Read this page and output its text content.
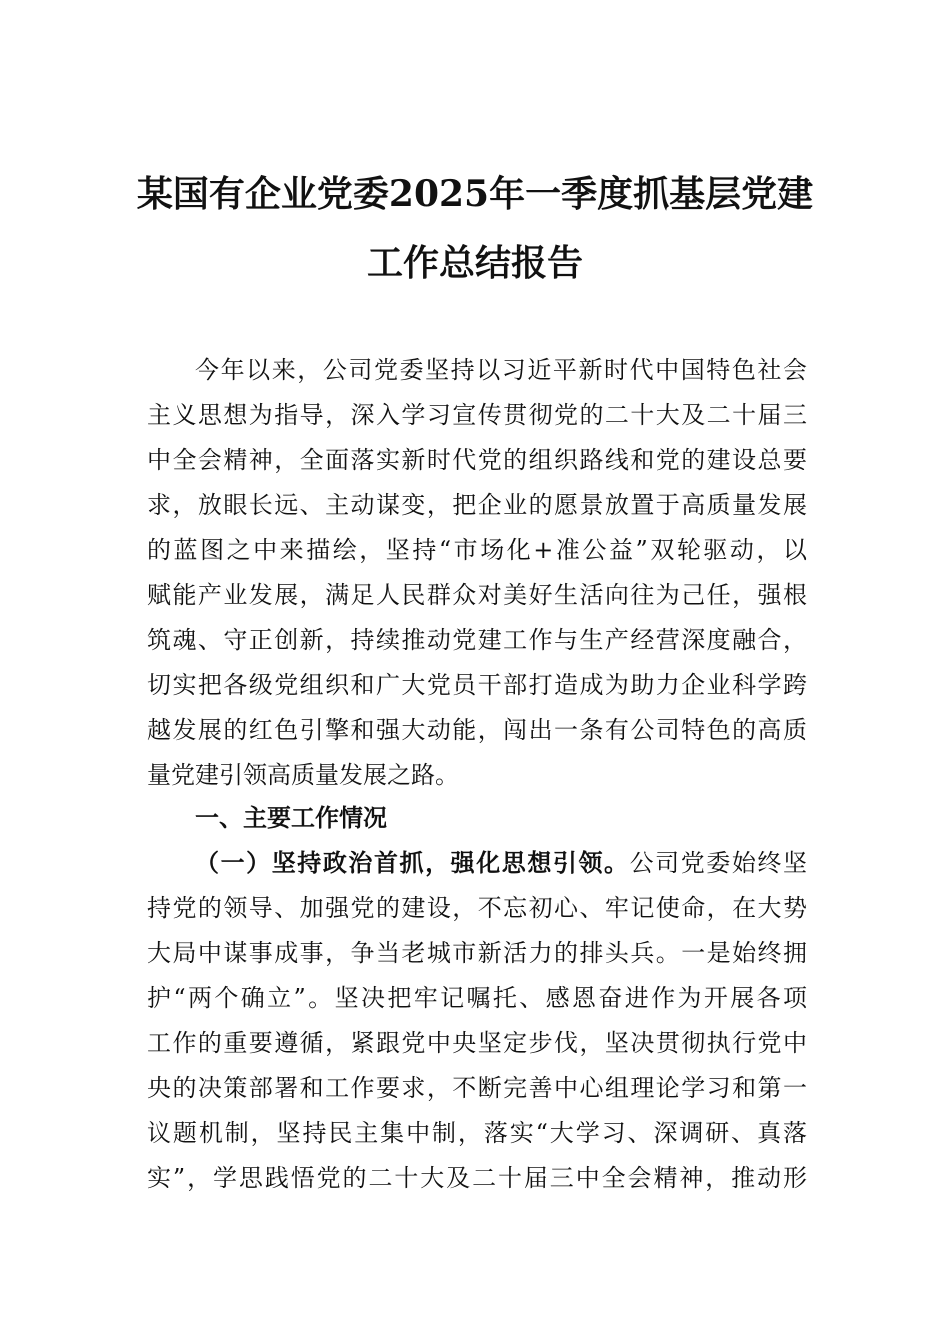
某国有企业党委2025年一季度抓基层党建
工作总结报告
今年以来，公司党委坚持以习近平新时代中国特色社会
主义思想为指导，深入学习宣传贯彻党的二十大及二十届三
中全会精神，全面落实新时代党的组织路线和党的建设总要
求，放眼长远、主动谋变，把企业的愿景放置于高质量发展
的蓝图之中来描绘，坚持“市场化+准公益”双轮驱动，以
赋能产业发展，满足人民群众对美好生活向往为己任，强根
筑魂、守正创新，持续推动党建工作与生产经营深度融合，
切实把各级党组织和广大党员干部打造成为助力企业科学跨
越发展的红色引擎和强大动能，闯出一条有公司特色的高质
量党建引领高质量发展之路。
一、主要工作情况
（一）坚持政治首抓，强化思想引领。公司党委始终坚
持党的领导、加强党的建设，不忘初心、牢记使命，在大势
大局中谋事成事，争当老城市新活力的排头兵。一是始终拥
护“两个确立”。坚决把牢记嘱托、感恩奋进作为开展各项
工作的重要遵循，紧跟党中央坚定步伐，坚决贯彻执行党中
央的决策部署和工作要求，不断完善中心组理论学习和第一
议题机制，坚持民主集中制，落实“大学习、深调研、真落
实”，学思践悟党的二十大及二十届三中全会精神，推动形
